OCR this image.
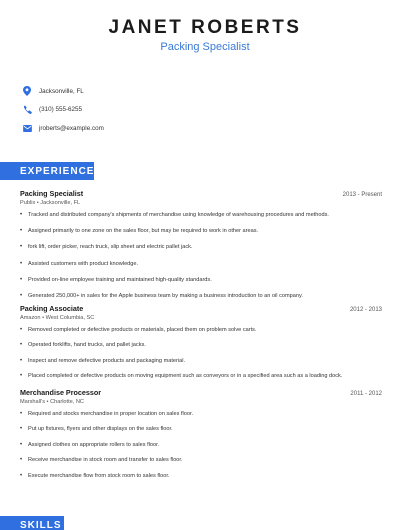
JANET ROBERTS
Packing Specialist
Jacksonville, FL
(310) 555-6255
jroberts@example.com
EXPERIENCE
Packing Specialist	2013 - Present
Publix • Jacksonville, FL
• Tracked and distributed company's shipments of merchandise using knowledge of warehousing procedures and methods.
• Assigned primarily to one zone on the sales floor, but may be required to work in other areas.
• fork lift, order picker, reach truck, slip sheet and electric pallet jack.
• Assisted customers with product knowledge.
• Provided on-line employee training and maintained high-quality standards.
• Generated 250,000+ in sales for the Apple business team by making a business introduction to an oil company.
Packing Associate	2012 - 2013
Amazon • West Columbia, SC
• Removed completed or defective products or materials, placed them on problem solve carts.
• Operated forklifts, hand trucks, and pallet jacks.
• Inspect and remove defective products and packaging material.
• Placed completed or defective products on moving equipment such as conveyors or in a specified area such as a loading dock.
Merchandise Processor	2011 - 2012
Marshall's • Charlotte, NC
• Required and stocks merchandise in proper location on sales floor.
• Put up fixtures, flyers and other displays on the sales floor.
• Assigned clothes on appropriate rollers to sales floor.
• Receive merchandise in stock room and transfer to sales floor.
• Execute merchandise flow from stock room to sales floor.
SKILLS
